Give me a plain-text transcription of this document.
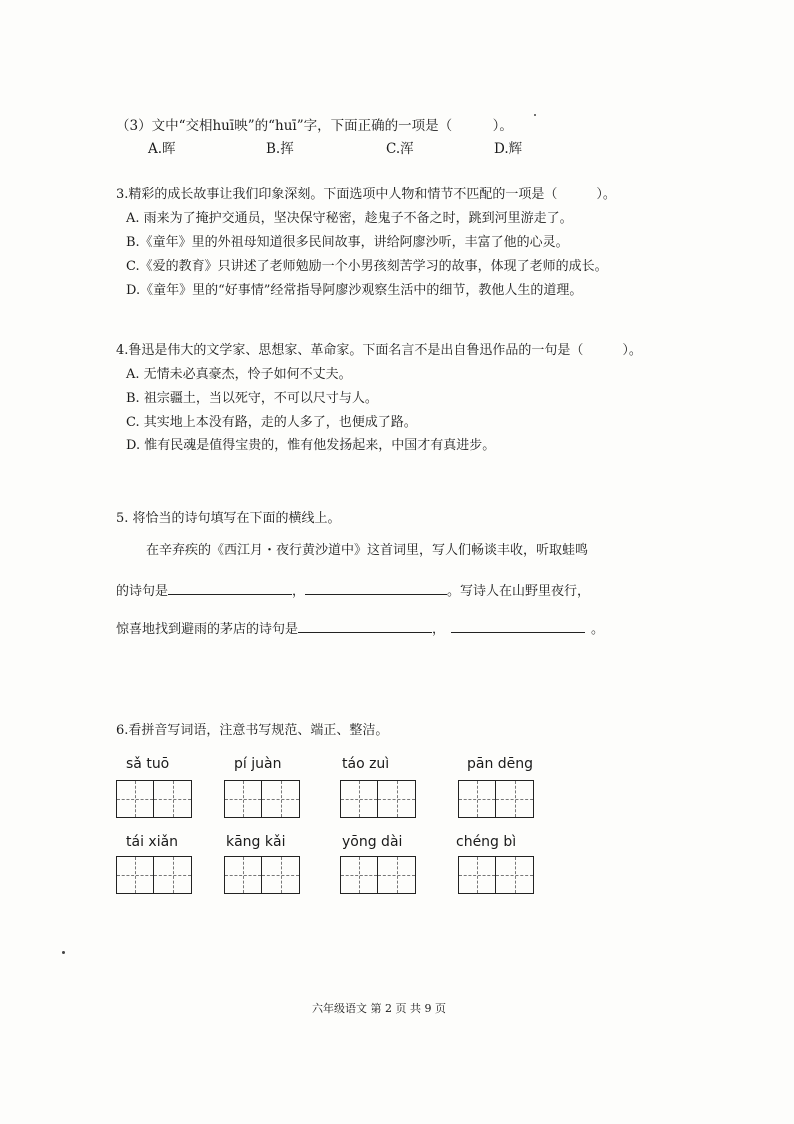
（3）文中“交相huī映”的“huī”字，下面正确的一项是（　　　）。
A.晖	B.挥	C.浑	D.辉
3.精彩的成长故事让我们印象深刻。下面选项中人物和情节不匹配的一项是（　　　）。
A. 雨来为了掩护交通员，坚决保守秘密，趁鬼子不备之时，跳到河里游走了。
B.《童年》里的外祖母知道很多民间故事，讲给阿廖沙听，丰富了他的心灵。
C.《爱的教育》只讲述了老师勉励一个小男孩刻苦学习的故事，体现了老师的成长。
D.《童年》里的“好事情”经常指导阿廖沙观察生活中的细节，教他人生的道理。
4.鲁迅是伟大的文学家、思想家、革命家。下面名言不是出自鲁迅作品的一句是（　　　）。
A. 无情未必真豪杰，怜子如何不丈夫。
B. 祖宗疆土，当以死守，不可以尺寸与人。
C. 其实地上本没有路，走的人多了，也便成了路。
D. 惟有民魂是值得宝贵的，惟有他发扬起来，中国才有真进步。
5. 将恰当的诗句填写在下面的横线上。
在辛弃疾的《西江月・夜行黄沙道中》这首词里，写人们畅谈丰收，听取蛙鸣
的诗句是	，	。写诗人在山野里夜行，
惊喜地找到避雨的茅店的诗句是	，	。
6.看拼音写词语，注意书写规范、端正、整洁。
sǎ tuō	pí juàn	táo zuì	pān dēng
tái xiǎn	kāng kǎi	yōng dài	chéng bì
六年级语文 第 2 页 共 9 页
